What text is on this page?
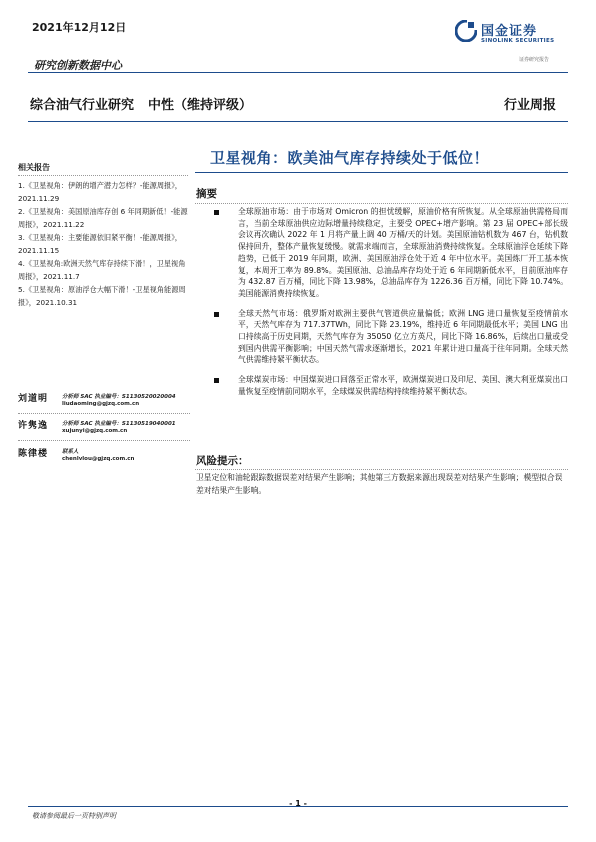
2021年12月12日
研究创新数据中心
国金证券
SINOLINK SECURITIES
证券研究报告
综合油气行业研究 中性（维持评级）	行业周报
卫星视角：欧美油气库存持续处于低位！
相关报告
1.《卫星视角：伊朗的增产潜力怎样？-能源周报》，2021.11.29
2.《卫星视角：美国原油库存创 6 年同期新低！-能源周报》，2021.11.22
3.《卫星视角：主要能源依旧紧平衡！-能源周报》，2021.11.15
4.《卫星视角:欧洲天然气库存持续下滑！，卫星视角周报》，2021.11.7
5.《卫星视角：原油浮仓大幅下滑！-卫星视角能源周报》，2021.10.31
刘道明	分析师 SAC 执业编号：S1130520020004
liudaoming@gjzq.com.cn
许隽逸	分析师 SAC 执业编号：S1130519040001
xujunyi@gjzq.com.cn
陈律楼	联系人
chenlvlou@gjzq.com.cn
摘要
全球原油市场：由于市场对 Omicron 的担忧缓解，原油价格有所恢复。从全球原油供需格局而言，当前全球原油供应边际增量持续稳定，主要受 OPEC+增产影响。第 23 届 OPEC+部长级会议再次确认 2022 年 1 月将产量上调 40 万桶/天的计划。美国原油钻机数为 467 台，钻机数保持回升，整体产量恢复缓慢。就需求端而言，全球原油消费持续恢复。全球原油浮仓延续下降趋势，已低于 2019 年同期，欧洲、美国原油浮仓处于近 4 年中位水平。美国炼厂开工基本恢复，本周开工率为 89.8%。美国原油、总油品库存均处于近 6 年同期新低水平，目前原油库存为 432.87 百万桶，同比下降 13.98%，总油品库存为 1226.36 百万桶，同比下降 10.74%。美国能源消费持续恢复。
全球天然气市场：俄罗斯对欧洲主要供气管道供应量偏低；欧洲 LNG 进口量恢复至疫情前水平，天然气库存为 717.37TWh，同比下降 23.19%，维持近 6 年同期最低水平；美国 LNG 出口持续高于历史同期，天然气库存为 35050 亿立方英尺，同比下降 16.86%，后续出口量或受到国内供需平衡影响；中国天然气需求逐渐增长，2021 年累计进口量高于往年同期。全球天然气供需维持紧平衡状态。
全球煤炭市场：中国煤炭进口回落至正常水平，欧洲煤炭进口及印尼、美国、澳大利亚煤炭出口量恢复至疫情前同期水平，全球煤炭供需结构持续维持紧平衡状态。
风险提示：
卫星定位和油轮跟踪数据误差对结果产生影响；其他第三方数据来源出现误差对结果产生影响；模型拟合误差对结果产生影响。
- 1 -
敬请参阅最后一页特别声明
